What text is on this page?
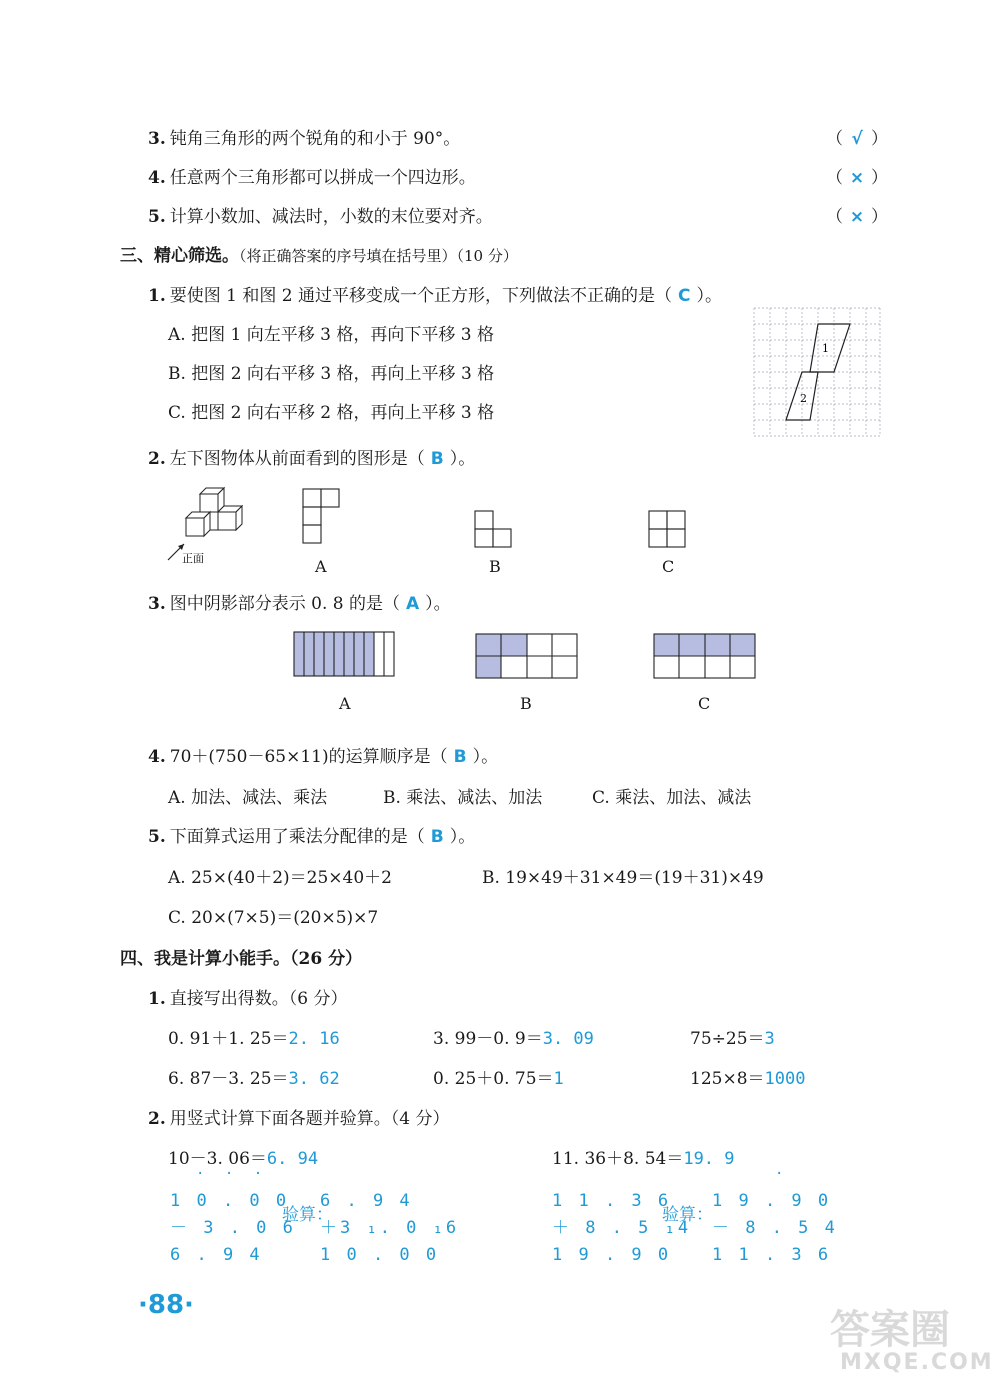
3. 钝角三角形的两个锐角的和小于 90°。	（ √ ）
4. 任意两个三角形都可以拼成一个四边形。	（ × ）
5. 计算小数加、减法时，小数的末位要对齐。	（ × ）
三、精心筛选。（将正确答案的序号填在括号里）（10 分）
1. 要使图 1 和图 2 通过平移变成一个正方形，下列做法不正确的是（ C ）。
A. 把图 1 向左平移 3 格，再向下平移 3 格
B. 把图 2 向右平移 3 格，再向上平移 3 格
C. 把图 2 向右平移 2 格，再向上平移 3 格
1
2
2. 左下图物体从前面看到的图形是（ B ）。
正面	A	B	C
3. 图中阴影部分表示 0. 8 的是（ A ）。
A	B	C
4. 70＋(750－65×11)的运算顺序是（ B ）。
A. 加法、减法、乘法	B. 乘法、减法、加法	C. 乘法、加法、减法
5. 下面算式运用了乘法分配律的是（ B ）。
A. 25×(40＋2)＝25×40＋2	B. 19×49＋31×49＝(19＋31)×49
C. 20×(7×5)＝(20×5)×7
四、我是计算小能手。（26 分）
1. 直接写出得数。（6 分）
0. 91＋1. 25＝2. 16	3. 99－0. 9＝3. 09	75÷25＝3
6. 87－3. 25＝3. 62	0. 25＋0. 75＝1	125×8＝1000
2. 用竖式计算下面各题并验算。（4 分）
10－3. 06＝6. 94
· · ·
1 0 . 0 0
－ 3 . 0 6
6 . 9 4
验算：
6 . 9 4
＋3 ₁. 0 ₁6
1 0 . 0 0
11. 36＋8. 54＝19. 9
·
1 1 . 3 6
＋ 8 . 5 ₁4
1 9 . 9 0
验算：
1 9 . 9 0
－ 8 . 5 4
1 1 . 3 6
·88·
答案圈
MXQE.COM
